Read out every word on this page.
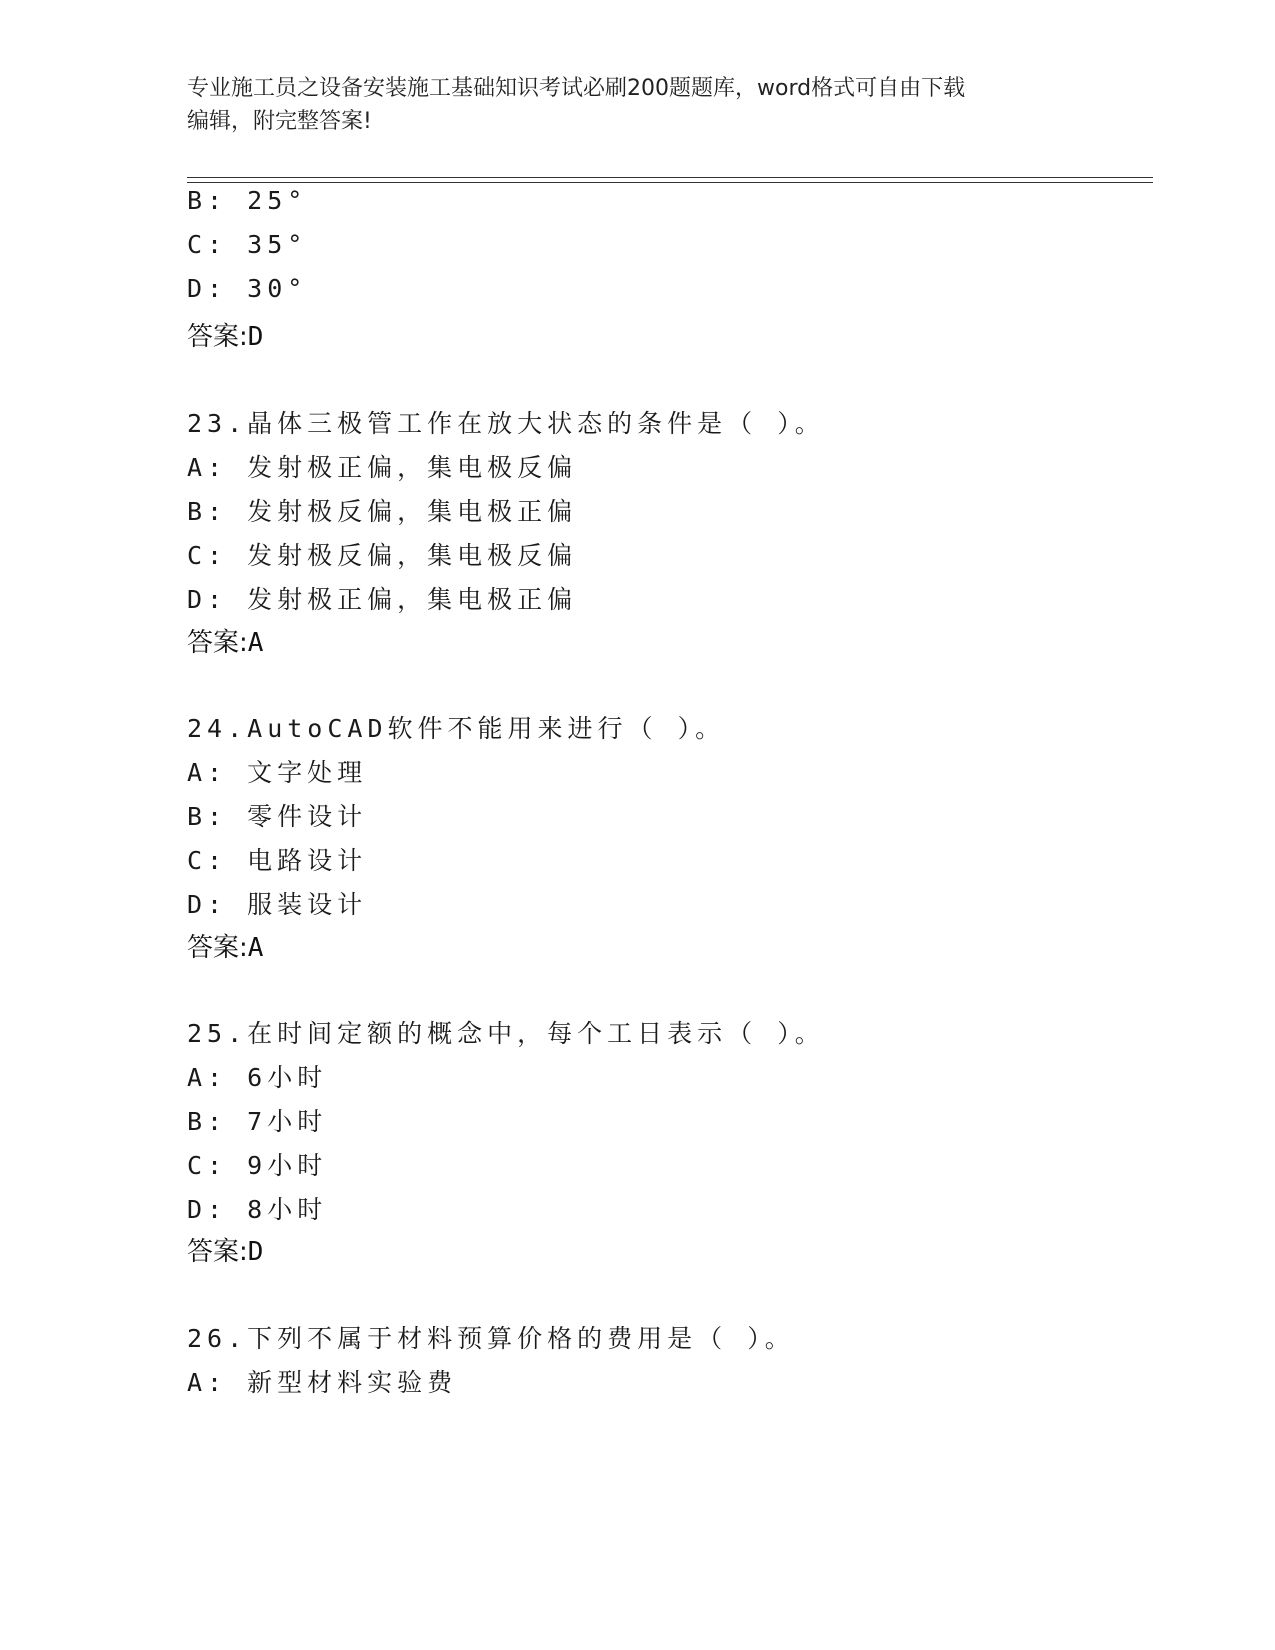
专业施工员之设备安装施工基础知识考试必刷200题题库，word格式可自由下载
编辑，附完整答案!
B: 25°
C: 35°
D: 30°
答案:D
23.晶体三极管工作在放大状态的条件是（ ）。
A: 发射极正偏，集电极反偏
B: 发射极反偏，集电极正偏
C: 发射极反偏，集电极反偏
D: 发射极正偏，集电极正偏
答案:A
24.AutoCAD软件不能用来进行（ ）。
A: 文字处理
B: 零件设计
C: 电路设计
D: 服装设计
答案:A
25.在时间定额的概念中，每个工日表示（ ）。
A: 6小时
B: 7小时
C: 9小时
D: 8小时
答案:D
26.下列不属于材料预算价格的费用是（ ）。
A: 新型材料实验费
